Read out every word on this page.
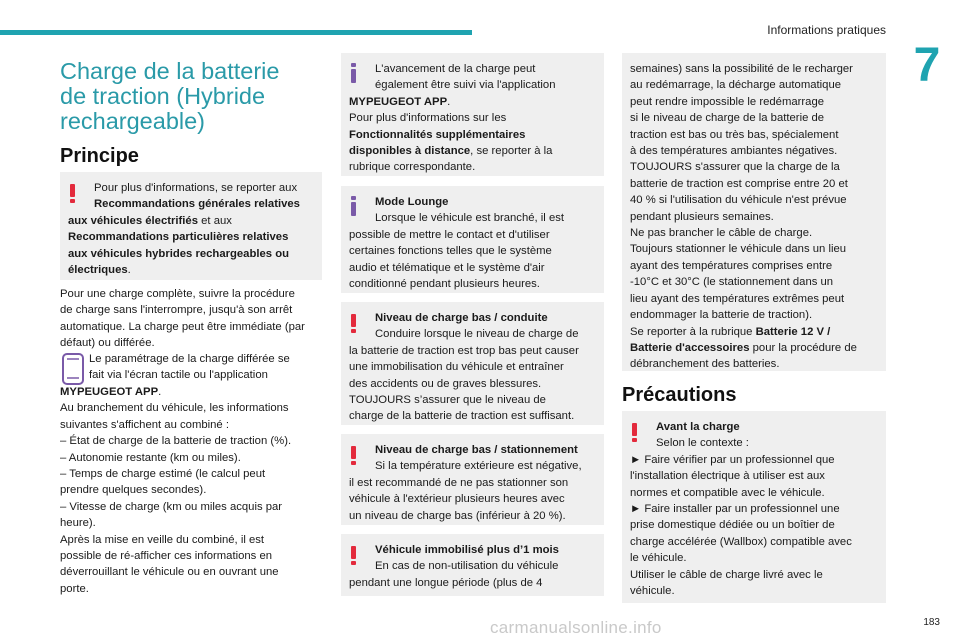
Informations pratiques
7
183
carmanualsonline.info
Charge de la batterie
de traction (Hybride
rechargeable)
Principe
Pour plus d'informations, se reporter aux
Recommandations générales relatives
aux véhicules électrifiés et aux
Recommandations particulières relatives
aux véhicules hybrides rechargeables ou
électriques.
Pour une charge complète, suivre la procédure
de charge sans l'interrompre, jusqu'à son arrêt
automatique. La charge peut être immédiate (par
défaut) ou différée.
Le paramétrage de la charge différée se
fait via l'écran tactile ou l'application
MYPEUGEOT APP.
Au branchement du véhicule, les informations
suivantes s'affichent au combiné :
– État de charge de la batterie de traction (%).
– Autonomie restante (km ou miles).
– Temps de charge estimé (le calcul peut
prendre quelques secondes).
– Vitesse de charge (km ou miles acquis par
heure).
Après la mise en veille du combiné, il est
possible de ré-afficher ces informations en
déverrouillant le véhicule ou en ouvrant une
porte.
L'avancement de la charge peut
également être suivi via l'application
MYPEUGEOT APP.
Pour plus d'informations sur les
Fonctionnalités supplémentaires
disponibles à distance, se reporter à la
rubrique correspondante.
Mode Lounge
Lorsque le véhicule est branché, il est
possible de mettre le contact et d'utiliser
certaines fonctions telles que le système
audio et télématique et le système d'air
conditionné pendant plusieurs heures.
Niveau de charge bas / conduite
Conduire lorsque le niveau de charge de
la batterie de traction est trop bas peut causer
une immobilisation du véhicule et entraîner
des accidents ou de graves blessures.
TOUJOURS s’assurer que le niveau de
charge de la batterie de traction est suffisant.
Niveau de charge bas / stationnement
Si la température extérieure est négative,
il est recommandé de ne pas stationner son
véhicule à l'extérieur plusieurs heures avec
un niveau de charge bas (inférieur à 20 %).
Véhicule immobilisé plus d’1 mois
En cas de non-utilisation du véhicule
pendant une longue période (plus de 4
semaines) sans la possibilité de le recharger
au redémarrage, la décharge automatique
peut rendre impossible le redémarrage
si le niveau de charge de la batterie de
traction est bas ou très bas, spécialement
à des températures ambiantes négatives.
TOUJOURS s'assurer que la charge de la
batterie de traction est comprise entre 20 et
40 % si l'utilisation du véhicule n'est prévue
pendant plusieurs semaines.
Ne pas brancher le câble de charge.
Toujours stationner le véhicule dans un lieu
ayant des températures comprises entre
-10°C et 30°C (le stationnement dans un
lieu ayant des températures extrêmes peut
endommager la batterie de traction).
Se reporter à la rubrique Batterie 12 V /
Batterie d'accessoires pour la procédure de
débranchement des batteries.
Précautions
Avant la charge
Selon le contexte :
► Faire vérifier par un professionnel que
l'installation électrique à utiliser est aux
normes et compatible avec le véhicule.
► Faire installer par un professionnel une
prise domestique dédiée ou un boîtier de
charge accélérée (Wallbox) compatible avec
le véhicule.
Utiliser le câble de charge livré avec le
véhicule.
